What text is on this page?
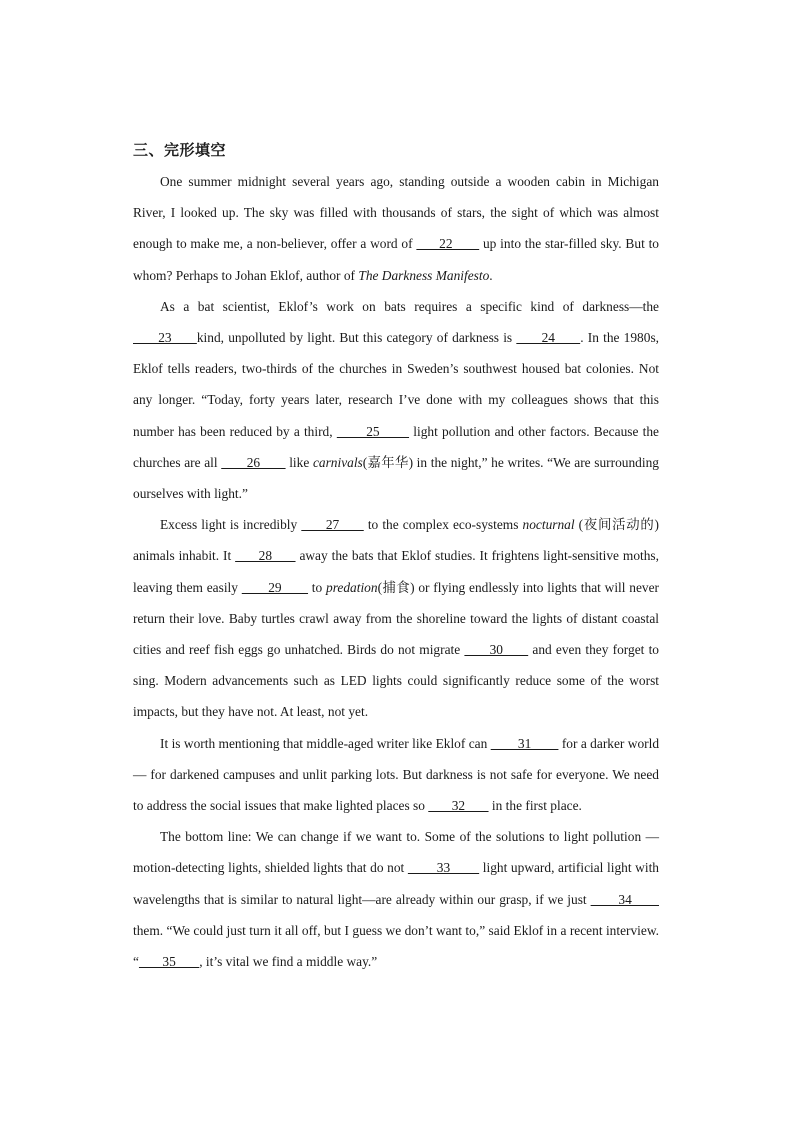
三、完形填空

One summer midnight several years ago, standing outside a wooden cabin in Michigan River, I looked up. The sky was filled with thousands of stars, the sight of which was almost enough to make me, a non-believer, offer a word of       22        up into the star-filled sky. But to whom? Perhaps to Johan Eklof, author of The Darkness Manifesto.

As a bat scientist, Eklof’s work on bats requires a specific kind of darkness—the       23      kind, unpolluted by light. But this category of darkness is       24      . In the 1980s, Eklof tells readers, two-thirds of the churches in Sweden’s southwest housed bat colonies. Not any longer. “Today, forty years later, research I’ve done with my colleagues shows that this number has been reduced by a third,        25        light pollution and other factors. Because the churches are all        26        like carnivals(嘉年华) in the night,” he writes. “We are surrounding ourselves with light.”

Excess light is incredibly       27       to the complex eco-systems nocturnal (夜间活动的) animals inhabit. It       28       away the bats that Eklof studies. It frightens light-sensitive moths, leaving them easily        29        to predation(捕食) or flying endlessly into lights that will never return their love. Baby turtles crawl away from the shoreline toward the lights of distant coastal cities and reef fish eggs go unhatched. Birds do not migrate       30       and even they forget to sing. Modern advancements such as LED lights could significantly reduce some of the worst impacts, but they have not. At least, not yet.

It is worth mentioning that middle-aged writer like Eklof can         31         for a darker world — for darkened campuses and unlit parking lots. But darkness is not safe for everyone. We need to address the social issues that make lighted places so        32        in the first place.

The bottom line: We can change if we want to. Some of the solutions to light pollution — motion-detecting lights, shielded lights that do not         33         light upward, artificial light with wavelengths that is similar to natural light—are already within our grasp, if we just        34        them. “We could just turn it all off, but I guess we don’t want to,” said Eklof in a recent interview. “       35       , it’s vital we find a middle way.”
